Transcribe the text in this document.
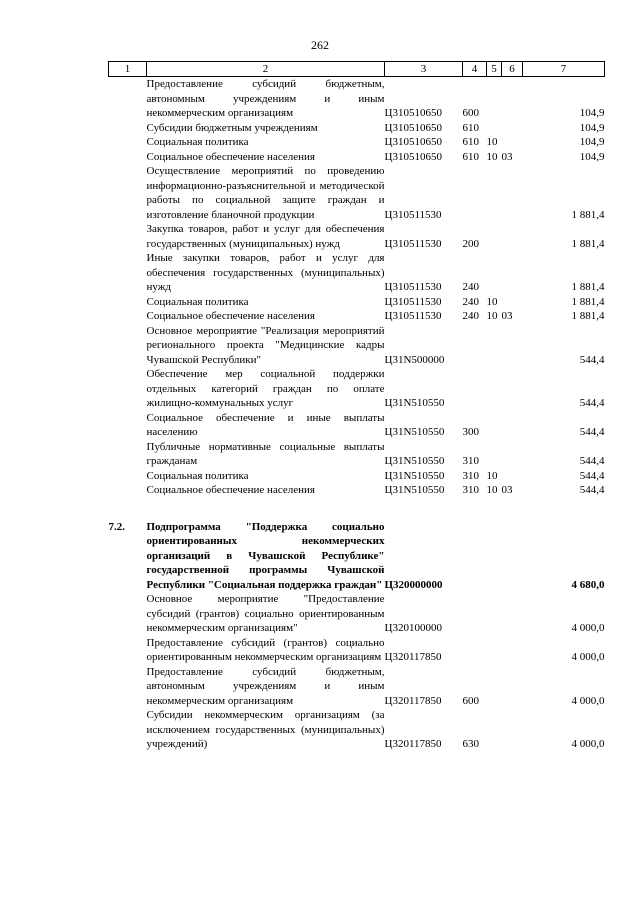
262
1	2	3	4	5	6	7
	Предоставление субсидий бюджетным, автономным учреждениям и иным некоммерческим организациям	Ц310510650	600			104,9
	Субсидии бюджетным учреждениям	Ц310510650	610			104,9
	Социальная политика	Ц310510650	610	10		104,9
	Социальное обеспечение населения	Ц310510650	610	10	03	104,9
	Осуществление мероприятий по проведению информационно-разъяснительной и методической работы по социальной защите граждан и изготовление бланочной продукции	Ц310511530				1 881,4
	Закупка товаров, работ и услуг для обеспечения государственных (муниципальных) нужд	Ц310511530	200			1 881,4
	Иные закупки товаров, работ и услуг для обеспечения государственных (муниципальных) нужд	Ц310511530	240			1 881,4
	Социальная политика	Ц310511530	240	10		1 881,4
	Социальное обеспечение населения	Ц310511530	240	10	03	1 881,4
	Основное мероприятие "Реализация мероприятий регионального проекта "Медицинские кадры Чувашской Республики"	Ц31N500000				544,4
	Обеспечение мер социальной поддержки отдельных категорий граждан по оплате жилищно-коммунальных услуг	Ц31N510550				544,4
	Социальное обеспечение и иные выплаты населению	Ц31N510550	300			544,4
	Публичные нормативные социальные выплаты гражданам	Ц31N510550	310			544,4
	Социальная политика	Ц31N510550	310	10		544,4
	Социальное обеспечение населения	Ц31N510550	310	10	03	544,4

7.2.	Подпрограмма "Поддержка социально ориентированных некоммерческих организаций в Чувашской Республике" государственной программы Чувашской Республики "Социальная поддержка граждан"	Ц320000000				4 680,0
	Основное мероприятие "Предоставление субсидий (грантов) социально ориентированным некоммерческим организациям"	Ц320100000				4 000,0
	Предоставление субсидий (грантов) социально ориентированным некоммерческим организациям	Ц320117850				4 000,0
	Предоставление субсидий бюджетным, автономным учреждениям и иным некоммерческим организациям	Ц320117850	600			4 000,0
	Субсидии некоммерческим организациям (за исключением государственных (муниципальных) учреждений)	Ц320117850	630			4 000,0
